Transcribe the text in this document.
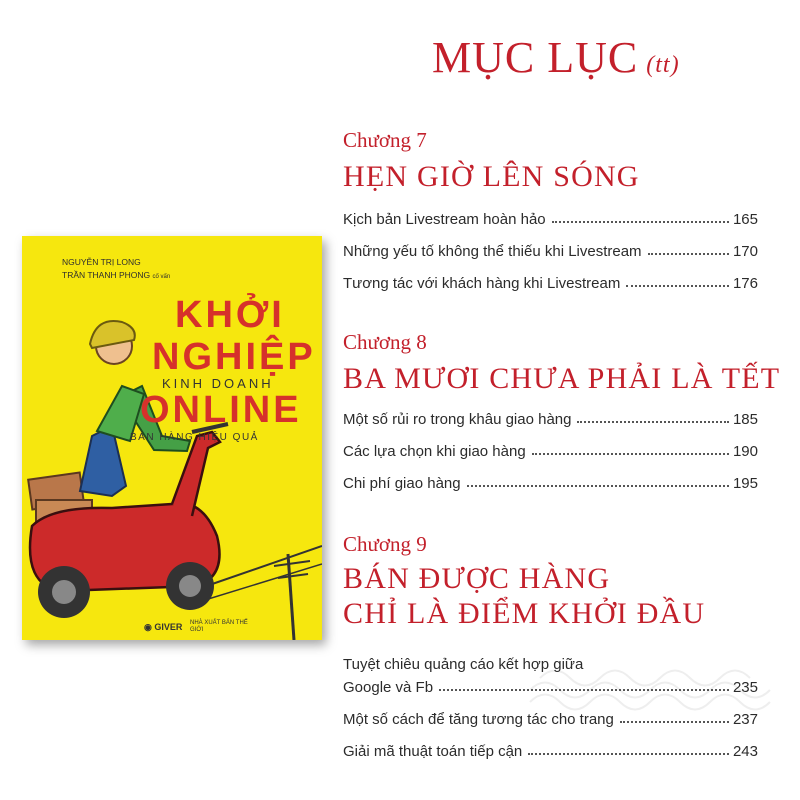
MỤC LỤC (tt)
Chương 7
HẸN GIỜ LÊN SÓNG
Kịch bản Livestream hoàn hảo	165
Những yếu tố không thể thiếu khi Livestream	170
Tương tác với khách hàng khi Livestream	176
Chương 8
BA MƯƠI CHƯA PHẢI LÀ TẾT
Một số rủi ro trong khâu giao hàng	185
Các lựa chọn khi giao hàng	190
Chi phí giao hàng	195
Chương 9
BÁN ĐƯỢC HÀNG
CHỈ LÀ ĐIỂM KHỞI ĐẦU
Tuyệt chiêu quảng cáo kết hợp giữa
Google và Fb	235
Một số cách để tăng tương tác cho trang	237
Giải mã thuật toán tiếp cận	243
NGUYỄN TRỊ LONG
TRẦN THANH PHONG cố vấn
KHỞI
NGHIỆP
KINH DOANH
ONLINE
BÁN HÀNG HIỆU QUẢ
◉ GIVER NHÀ XUẤT BẢN THẾ GIỚI
